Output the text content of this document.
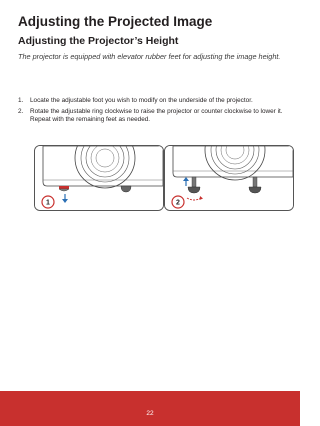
Adjusting the Projected Image
Adjusting the Projector’s Height
The projector is equipped with elevator rubber feet for adjusting the image height.
1.	Locate the adjustable foot you wish to modify on the underside of the projector.
2.	Rotate the adjustable ring clockwise to raise the projector or counter clockwise to lower it. Repeat with the remaining feet as needed.
1	2
22
